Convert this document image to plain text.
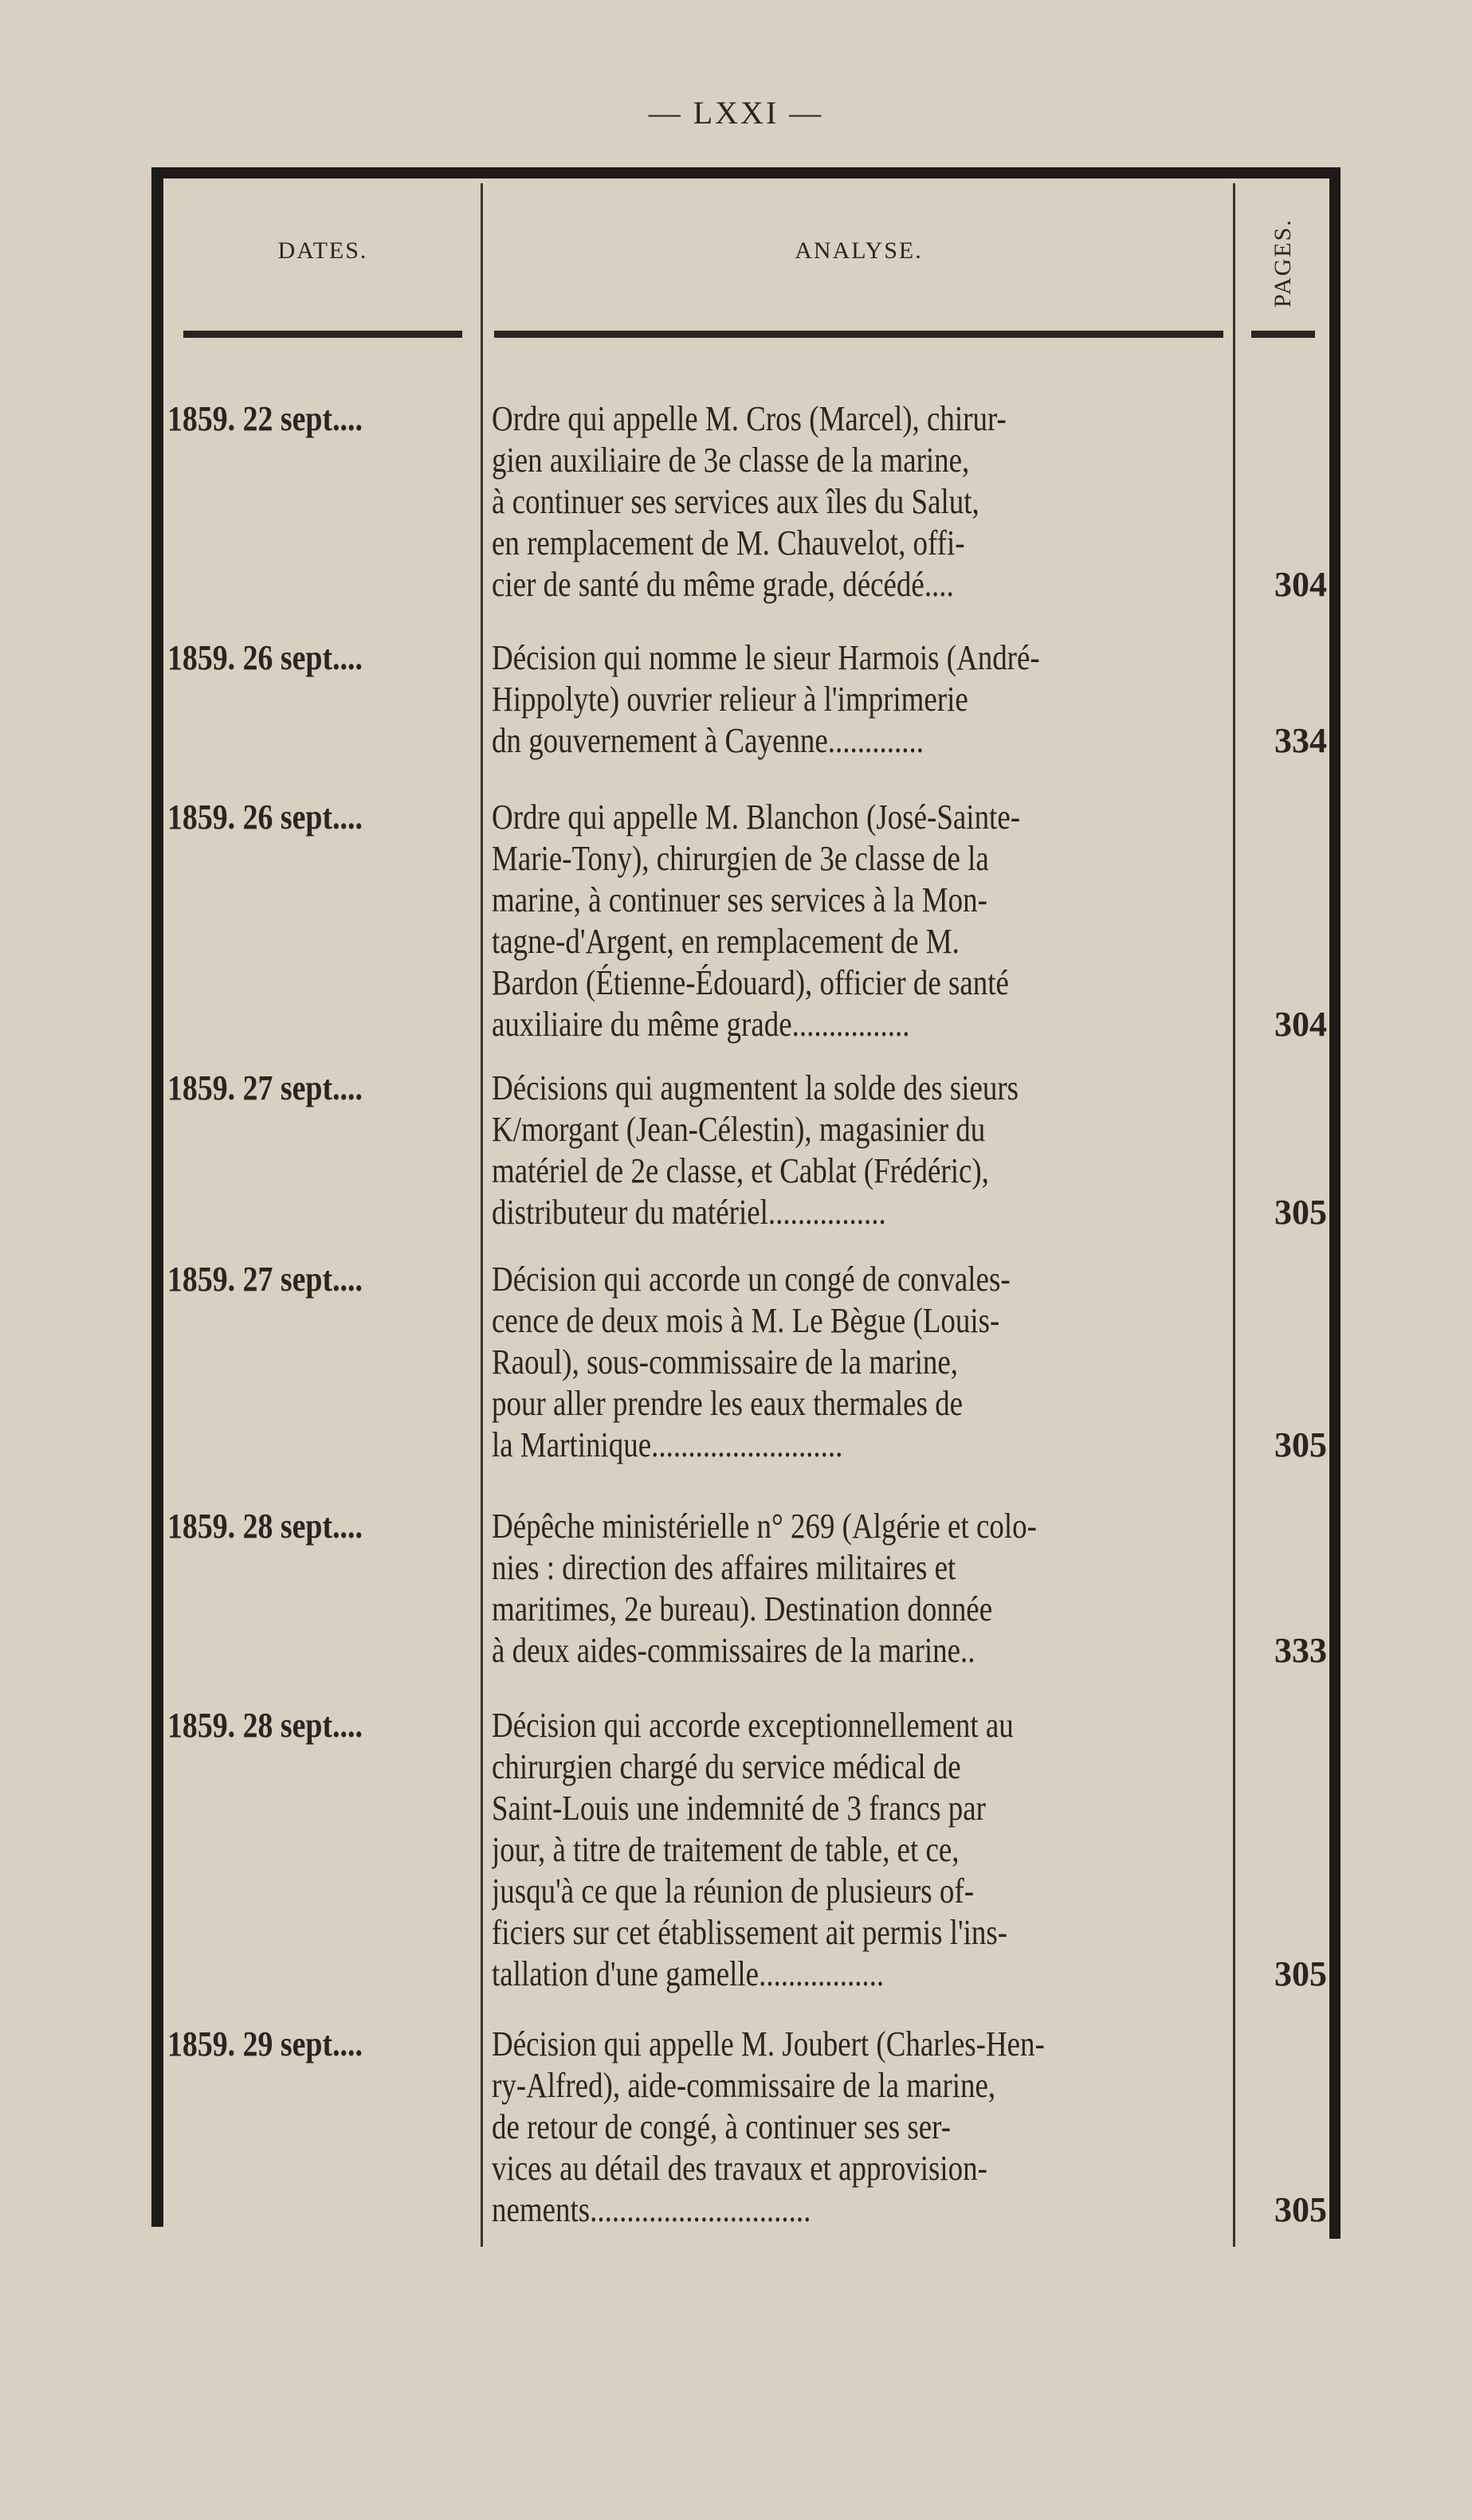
— LXXI —
DATES.	ANALYSE.	PAGES.
1859. 22 sept....	Ordre qui appelle M. Cros (Marcel), chirur-
gien auxiliaire de 3e classe de la marine,
à continuer ses services aux îles du Salut,
en remplacement de M. Chauvelot, offi-
cier de santé du même grade, décédé....	304
1859. 26 sept....	Décision qui nomme le sieur Harmois (André-
Hippolyte) ouvrier relieur à l'imprimerie
dn gouvernement à Cayenne.............	334
1859. 26 sept....	Ordre qui appelle M. Blanchon (José-Sainte-
Marie-Tony), chirurgien de 3e classe de la
marine, à continuer ses services à la Mon-
tagne-d'Argent, en remplacement de M.
Bardon (Étienne-Édouard), officier de santé
auxiliaire du même grade................	304
1859. 27 sept....	Décisions qui augmentent la solde des sieurs
K/morgant (Jean-Célestin), magasinier du
matériel de 2e classe, et Cablat (Frédéric),
distributeur du matériel................	305
1859. 27 sept....	Décision qui accorde un congé de convales-
cence de deux mois à M. Le Bègue (Louis-
Raoul), sous-commissaire de la marine,
pour aller prendre les eaux thermales de
la Martinique..........................	305
1859. 28 sept....	Dépêche ministérielle n° 269 (Algérie et colo-
nies : direction des affaires militaires et
maritimes, 2e bureau). Destination donnée
à deux aides-commissaires de la marine..	333
1859. 28 sept....	Décision qui accorde exceptionnellement au
chirurgien chargé du service médical de
Saint-Louis une indemnité de 3 francs par
jour, à titre de traitement de table, et ce,
jusqu'à ce que la réunion de plusieurs of-
ficiers sur cet établissement ait permis l'ins-
tallation d'une gamelle.................	305
1859. 29 sept....	Décision qui appelle M. Joubert (Charles-Hen-
ry-Alfred), aide-commissaire de la marine,
de retour de congé, à continuer ses ser-
vices au détail des travaux et approvision-
nements..............................	305
